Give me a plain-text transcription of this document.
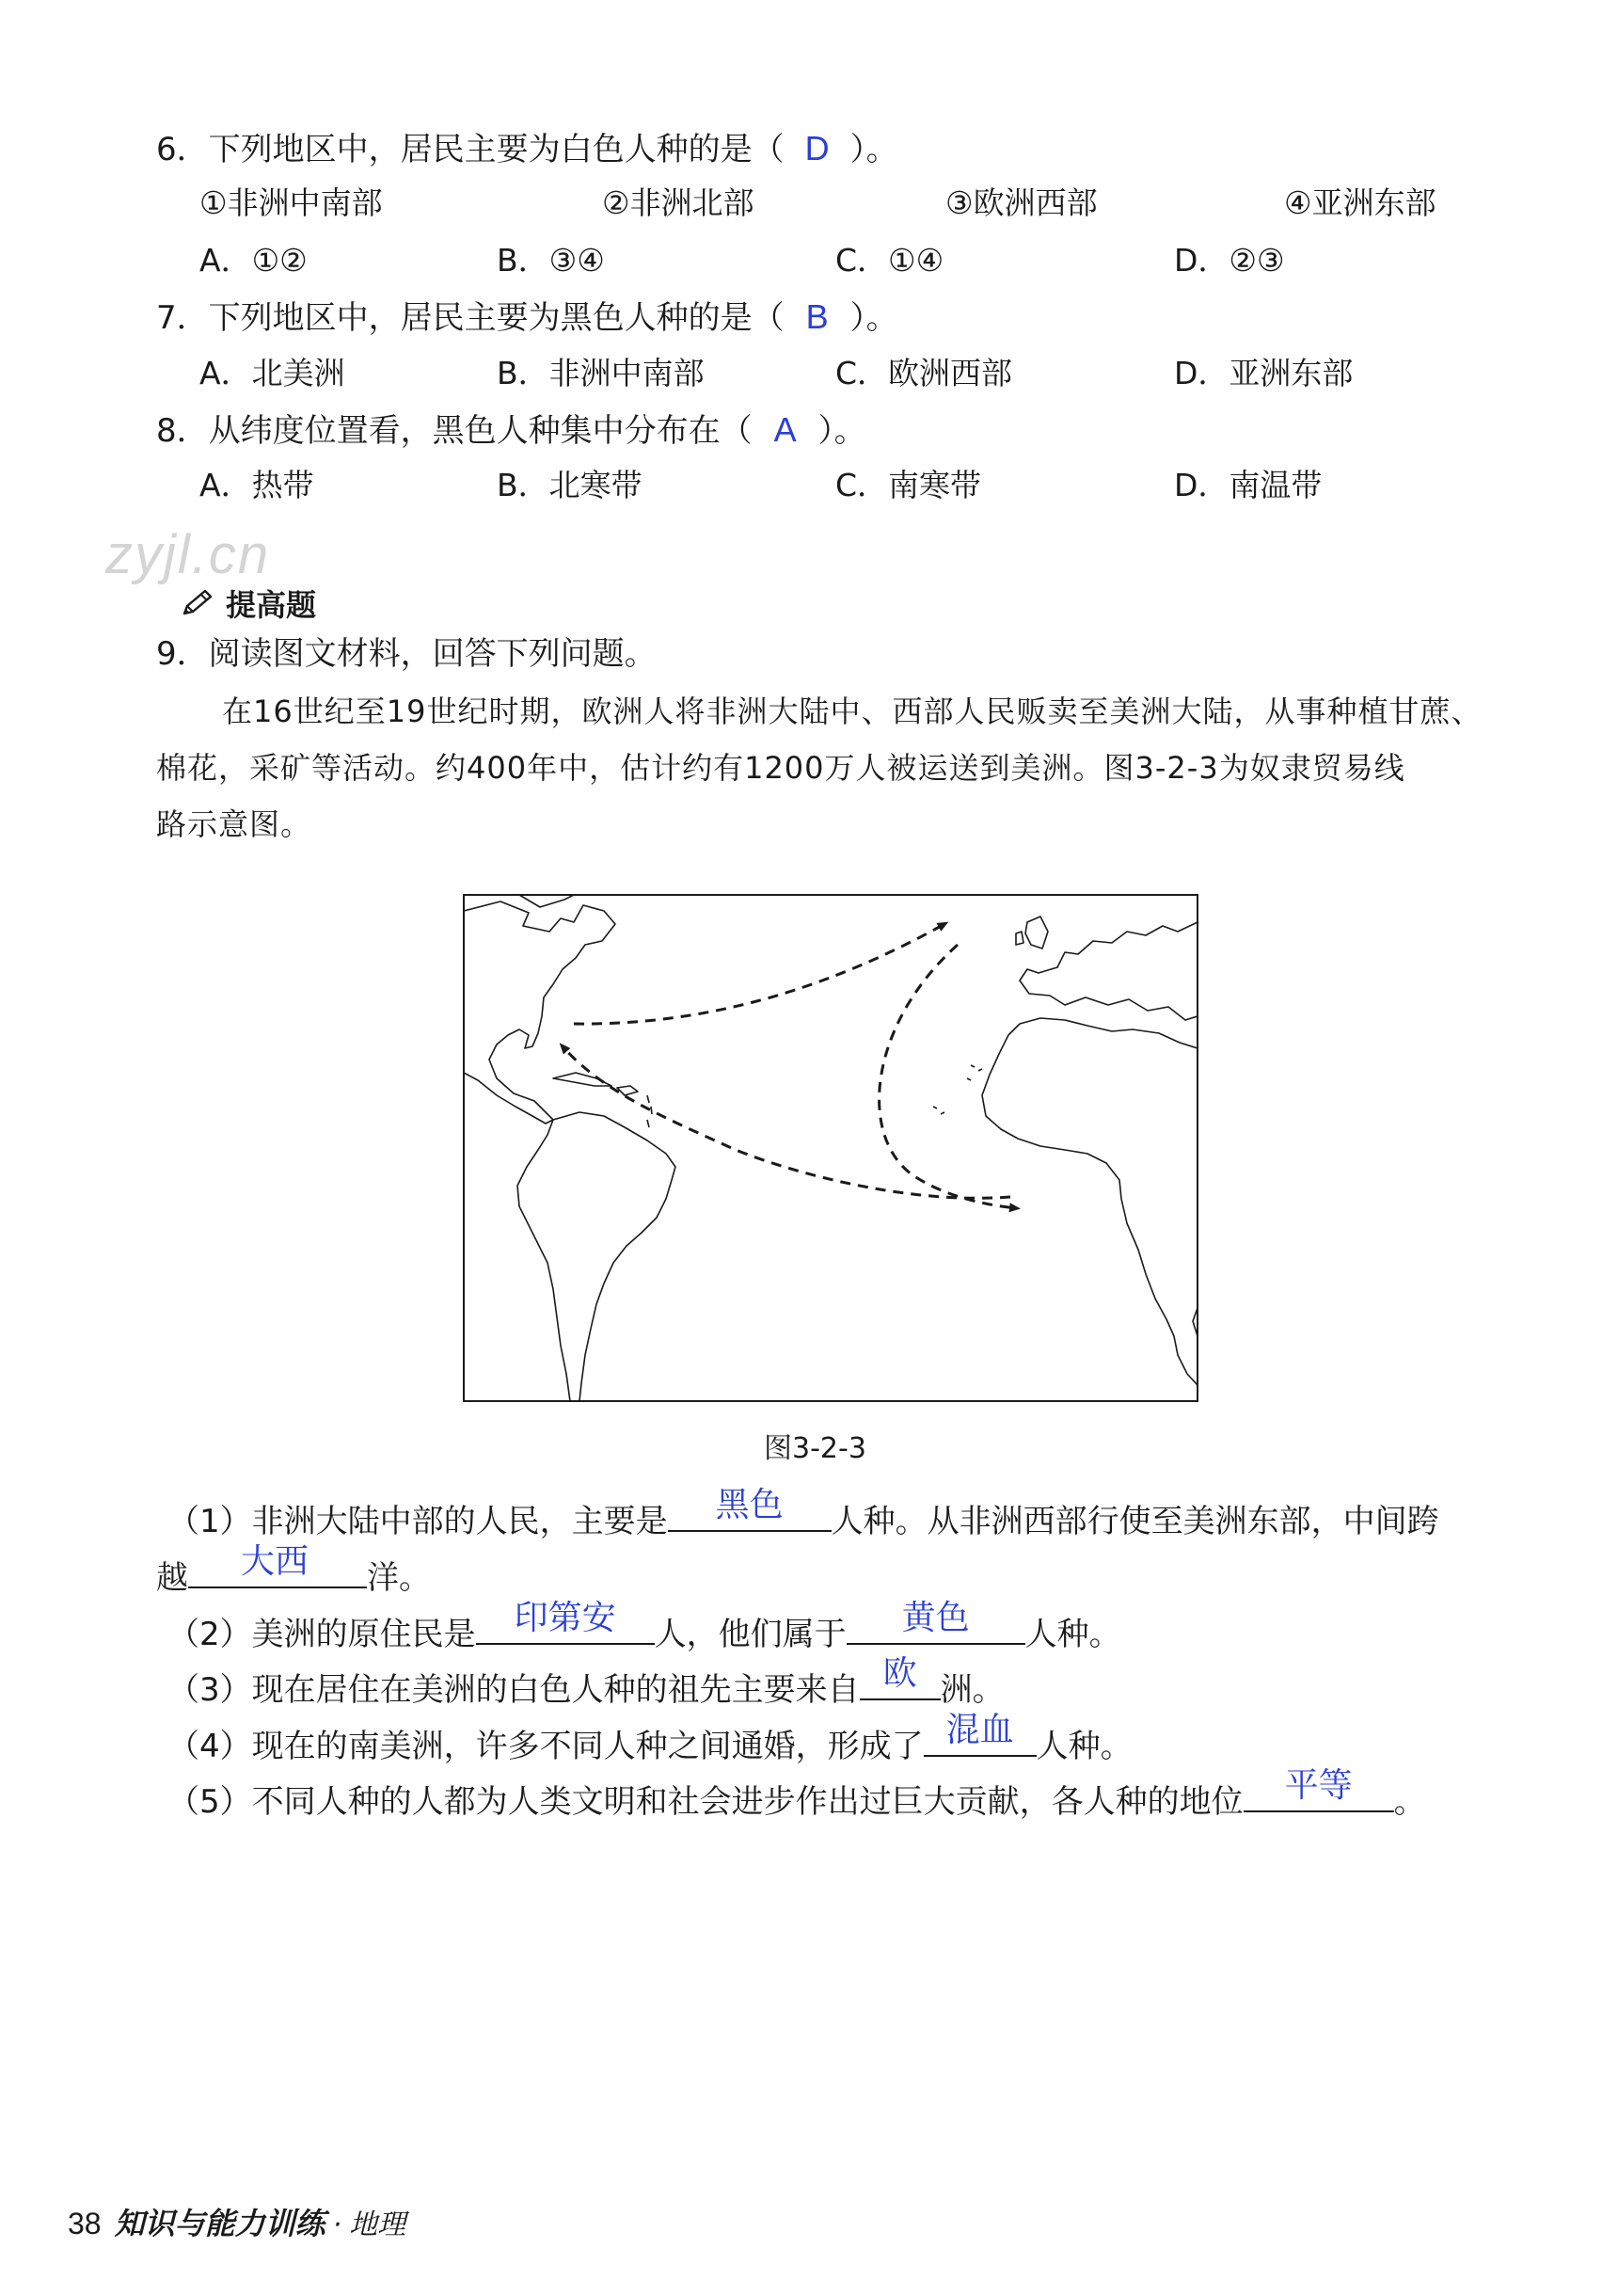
6．下列地区中，居民主要为白色人种的是（ D ）。
①非洲中南部	②非洲北部	③欧洲西部	④亚洲东部
A．①②	B．③④	C．①④	D．②③
7．下列地区中，居民主要为黑色人种的是（ B ）。
A．北美洲	B．非洲中南部	C．欧洲西部	D．亚洲东部
8．从纬度位置看，黑色人种集中分布在（ A ）。
A．热带	B．北寒带	C．南寒带	D．南温带
zyjl.cn
提高题
9．阅读图文材料，回答下列问题。
在16世纪至19世纪时期，欧洲人将非洲大陆中、西部人民贩卖至美洲大陆，从事种植甘蔗、
棉花，采矿等活动。约400年中，估计约有1200万人被运送到美洲。图3-2-3为奴隶贸易线
路示意图。
图3-2-3
（1）非洲大陆中部的人民，主要是	黑色	人种。从非洲西部行使至美洲东部，中间跨
越	大西	洋。
（2）美洲的原住民是	印第安	人，他们属于	黄色	人种。
（3）现在居住在美洲的白色人种的祖先主要来自 欧 洲。
（4）现在的南美洲，许多不同人种之间通婚，形成了 混血 人种。
（5）不同人种的人都为人类文明和社会进步作出过巨大贡献，各人种的地位	平等	。
38 知识与能力训练 · 地理
